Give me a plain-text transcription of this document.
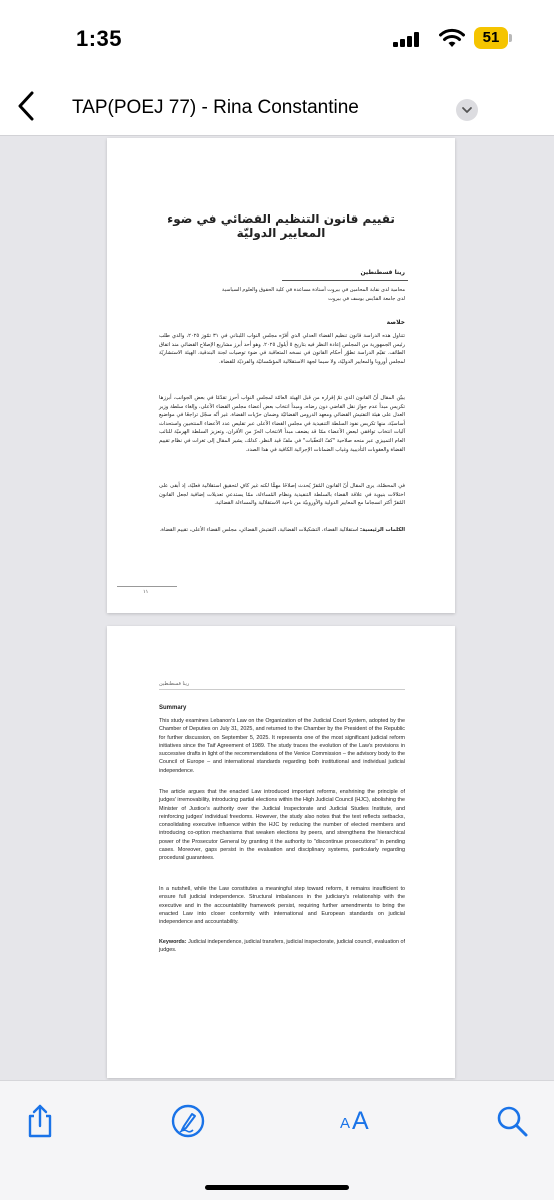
1:35	51
TAP(POEJ 77) - Rina Constantine
تقييم قانون التنظيم القضائي في ضوء المعايير الدوليّة
رينا قسطنطين
محامية لدى نقابة المحامين في بيروت أستاذة مساعدة في كلية الحقوق والعلوم السياسية لدى جامعة القدّيس يوسف في بيروت
خلاصة
تتناول هذه الدراسة قانون تنظيم القضاء العدلي الذي أقرّه مجلس النواب اللبناني في ٣١ تمّوز ٢٠٢٥، والذي طلب رئيس الجمهورية من المجلس إعادة النظر فيه بتاريخ ٥ أيلول ٢٠٢٥. وهو أحد أبرز مشاريع الإصلاح القضائي منذ اتفاق الطائف. تقيّم الدراسة تطوّر أحكام القانون في نسخه المتعاقبة في ضوء توصيات لجنة البندقية، الهيئة الاستشاريّة لمجلس أوروبا والمعايير الدوليّة، ولا سيما لجهة الاستقلالية المؤسّساتيّة والفرديّة للقضاة.
يبيّن المقال أنّ القانون الذي تمّ إقراره من قبل الهيئة العامّة لمجلس النواب أحرز تقدّمًا في بعض الجوانب، أبرزها تكريس مبدأ عدم جواز نقل القاضي دون رضاه، ومبدأ انتخاب بعض أعضاء مجلس القضاء الأعلى، وإلغاء سلطة وزير العدل على هيئة التفتيش القضائي ومعهد الدروس القضائيّة وضمان حرّيات القضاة. غير أنّه سجّل تراجعًا في مواضيع أساسيّة، منها تكريس نفوذ السلطة التنفيذية في مجلس القضاء الأعلى عبر تقليص عدد الأعضاء المنتخبين واستحداث آليات انتخاب توافقي لبعض الأعضاء ممّا قد يضعف مبدأ الانتخاب الحرّ من الأقران، وتعزيز السلطة الهرميّة للنائب العام التمييزي عبر منحه صلاحية "كفّ التعقّبات" في ملفّ قيد النظر. كذلك، يشير المقال إلى ثغرات في نظام تقييم القضاة والعقوبات التأديبية وغياب الضمانات الإجرائية الكافية في هذا الصدد.
في المحصّلة، يرى المقال أنّ القانون المُقرّ يُحدث إصلاحًا مهمًّا لكنه غير كافٍ لتحقيق استقلالية فعليّة، إذ أبقى على اختلالات بنيوية في علاقة القضاء بالسلطة التنفيذية ونظام المُساءلة، ممّا يستدعي تعديلات إضافية لجعل القانون المُقرّ أكثر انسجاما مع المعايير الدولية والأوروبيّة من ناحية الاستقلالية والمساءلة القضائية.
الكلمات الرئيسية: استقلالية القضاء، التشكيلات القضائية، التفتيش القضائي، مجلس القضاء الأعلى، تقييم القضاة.
١١
رينا قسطنطين
Summary
This study examines Lebanon's Law on the Organization of the Judicial Court System, adopted by the Chamber of Deputies on July 31, 2025, and returned to the Chamber by the President of the Republic for further discussion, on September 5, 2025. It represents one of the most significant judicial reform initiatives since the Taif Agreement of 1989. The study traces the evolution of the Law's provisions in successive drafts in light of the recommendations of the Venice Commission – the advisory body to the Council of Europe – and international standards regarding both institutional and individual judicial independence.
The article argues that the enacted Law introduced important reforms, enshrining the principle of judges' irremovability, introducing partial elections within the High Judicial Council (HJC), abolishing the Minister of Justice's authority over the Judicial Inspectorate and Judicial Studies Institute, and reinforcing judges' individual freedoms. However, the study also notes that the text reflects setbacks, consolidating executive influence within the HJC by reducing the number of elected members and introducing co-option mechanisms that weaken elections by peers, and strengthens the hierarchical power of the Prosecutor General by granting it the authority to "discontinue prosecutions" in pending cases. Moreover, gaps persist in the evaluation and disciplinary systems, particularly regarding procedural guarantees.
In a nutshell, while the Law constitutes a meaningful step toward reform, it remains insufficient to ensure full judicial independence. Structural imbalances in the judiciary's relationship with the executive and in the accountability framework persist, requiring further amendments to bring the enacted Law into closer conformity with international and European standards on judicial independence and accountability.
Keywords: Judicial independence, judicial transfers, judicial inspectorate, judicial council, evaluation of judges.
A A
